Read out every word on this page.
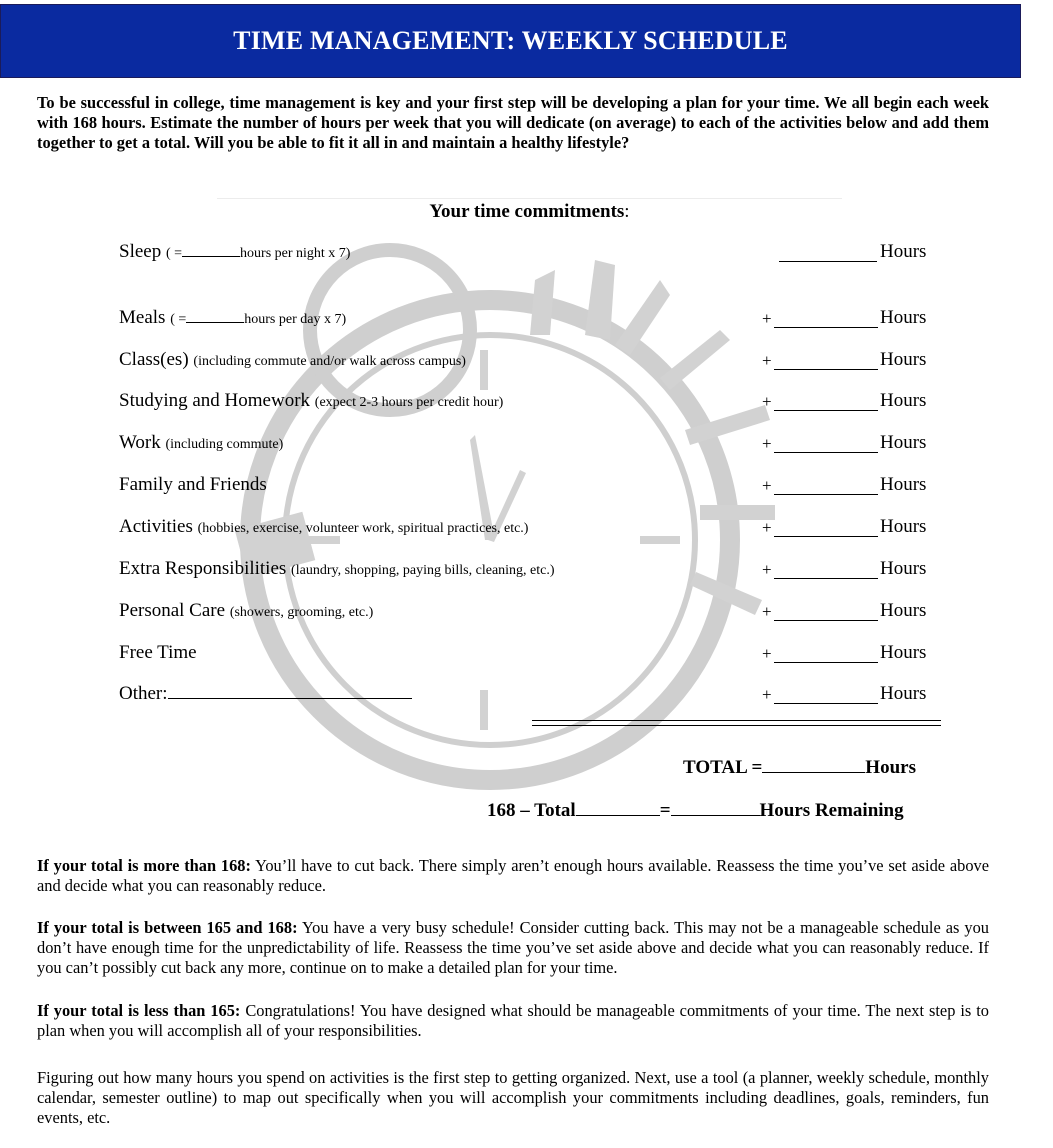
TIME MANAGEMENT: WEEKLY SCHEDULE
To be successful in college, time management is key and your first step will be developing a plan for your time. We all begin each week with 168 hours. Estimate the number of hours per week that you will dedicate (on average) to each of the activities below and add them together to get a total. Will you be able to fit it all in and maintain a healthy lifestyle?
Your time commitments:
Sleep ( =	hours per night x 7)	Hours
Meals ( =	hours per day x 7)	+	Hours
Class(es) (including commute and/or walk across campus)	+	Hours
Studying and Homework (expect 2-3 hours per credit hour)	+	Hours
Work (including commute)	+	Hours
Family and Friends	+	Hours
Activities (hobbies, exercise, volunteer work, spiritual practices, etc.)	+	Hours
Extra Responsibilities (laundry, shopping, paying bills, cleaning, etc.)	+	Hours
Personal Care (showers, grooming, etc.)	+	Hours
Free Time	+	Hours
Other:	+	Hours
TOTAL =	Hours
168 – Total	=	Hours Remaining
If your total is more than 168: You’ll have to cut back. There simply aren’t enough hours available. Reassess the time you’ve set aside above and decide what you can reasonably reduce.
If your total is between 165 and 168: You have a very busy schedule! Consider cutting back. This may not be a manageable schedule as you don’t have enough time for the unpredictability of life. Reassess the time you’ve set aside above and decide what you can reasonably reduce. If you can’t possibly cut back any more, continue on to make a detailed plan for your time.
If your total is less than 165: Congratulations! You have designed what should be manageable commitments of your time. The next step is to plan when you will accomplish all of your responsibilities.
Figuring out how many hours you spend on activities is the first step to getting organized. Next, use a tool (a planner, weekly schedule, monthly calendar, semester outline) to map out specifically when you will accomplish your commitments including deadlines, goals, reminders, fun events, etc.
